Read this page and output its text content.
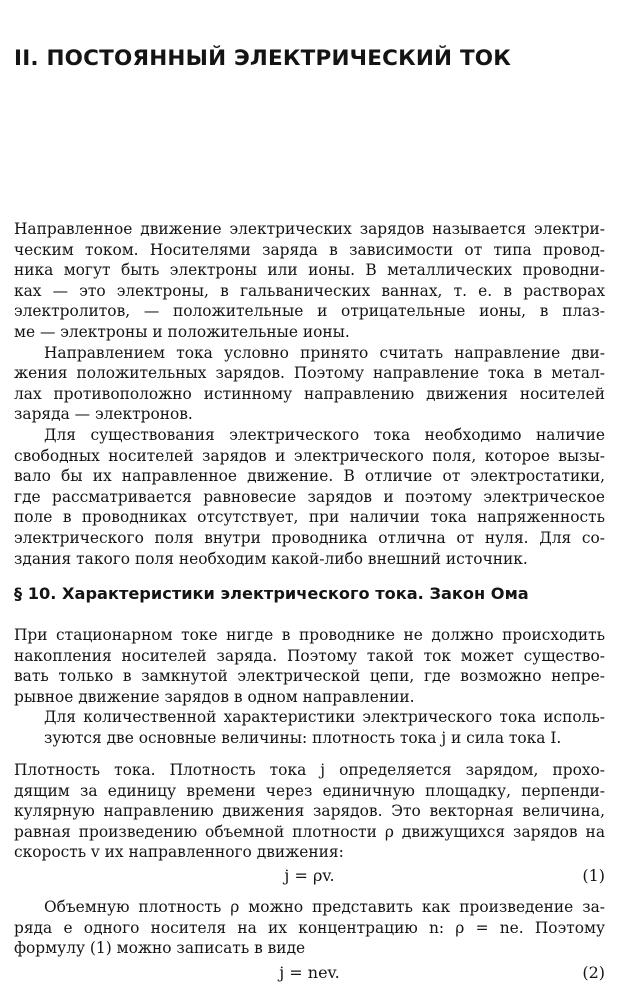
II. ПОСТОЯННЫЙ ЭЛЕКТРИЧЕСКИЙ ТОК
Направленное движение электрических зарядов называется электри-
ческим током. Носителями заряда в зависимости от типа провод-
ника могут быть электроны или ионы. В металлических проводни-
ках — это электроны, в гальванических ваннах, т. е. в растворах
электролитов, — положительные и отрицательные ионы, в плаз-
ме — электроны и положительные ионы.
Направлением тока условно принято считать направление дви-
жения положительных зарядов. Поэтому направление тока в метал-
лах противоположно истинному направлению движения носителей
заряда — электронов.
Для существования электрического тока необходимо наличие
свободных носителей зарядов и электрического поля, которое вызы-
вало бы их направленное движение. В отличие от электростатики,
где рассматривается равновесие зарядов и поэтому электрическое
поле в проводниках отсутствует, при наличии тока напряженность
электрического поля внутри проводника отлична от нуля. Для со-
здания такого поля необходим какой-либо внешний источник.
§ 10. Характеристики электрического тока. Закон Ома
При стационарном токе нигде в проводнике не должно происходить
накопления носителей заряда. Поэтому такой ток может существо-
вать только в замкнутой электрической цепи, где возможно непре-
рывное движение зарядов в одном направлении.
Для количественной характеристики электрического тока исполь-
зуются две основные величины: плотность тока j и сила тока I.
Плотность тока. Плотность тока j определяется зарядом, прохо-
дящим за единицу времени через единичную площадку, перпенди-
кулярную направлению движения зарядов. Это векторная величина,
равная произведению объемной плотности ρ движущихся зарядов на
скорость v их направленного движения:
j = ρv.	(1)
Объемную плотность ρ можно представить как произведение за-
ряда e одного носителя на их концентрацию n: ρ = ne. Поэтому
формулу (1) можно записать в виде
j = nev.	(2)
